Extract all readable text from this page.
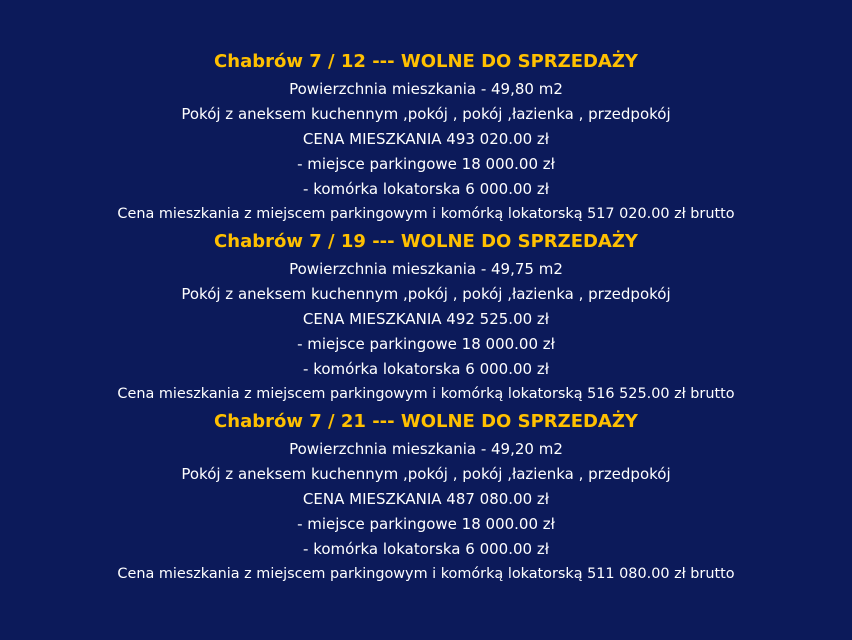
Chabrów 7 / 12 --- WOLNE DO SPRZEDAŻY
Powierzchnia mieszkania - 49,80 m2
Pokój z aneksem kuchennym ,pokój , pokój ,łazienka , przedpokój
CENA MIESZKANIA 493 020.00 zł
- miejsce parkingowe 18 000.00 zł
- komórka lokatorska 6 000.00 zł
Cena mieszkania z miejscem parkingowym i komórką lokatorską 517 020.00 zł brutto
Chabrów 7 / 19 --- WOLNE DO SPRZEDAŻY
Powierzchnia mieszkania - 49,75 m2
Pokój z aneksem kuchennym ,pokój , pokój ,łazienka , przedpokój
CENA MIESZKANIA 492 525.00 zł
- miejsce parkingowe 18 000.00 zł
- komórka lokatorska 6 000.00 zł
Cena mieszkania z miejscem parkingowym i komórką lokatorską 516 525.00 zł brutto
Chabrów 7 / 21 --- WOLNE DO SPRZEDAŻY
Powierzchnia mieszkania - 49,20 m2
Pokój z aneksem kuchennym ,pokój , pokój ,łazienka , przedpokój
CENA MIESZKANIA 487 080.00 zł
- miejsce parkingowe 18 000.00 zł
- komórka lokatorska 6 000.00 zł
Cena mieszkania z miejscem parkingowym i komórką lokatorską 511 080.00 zł brutto
